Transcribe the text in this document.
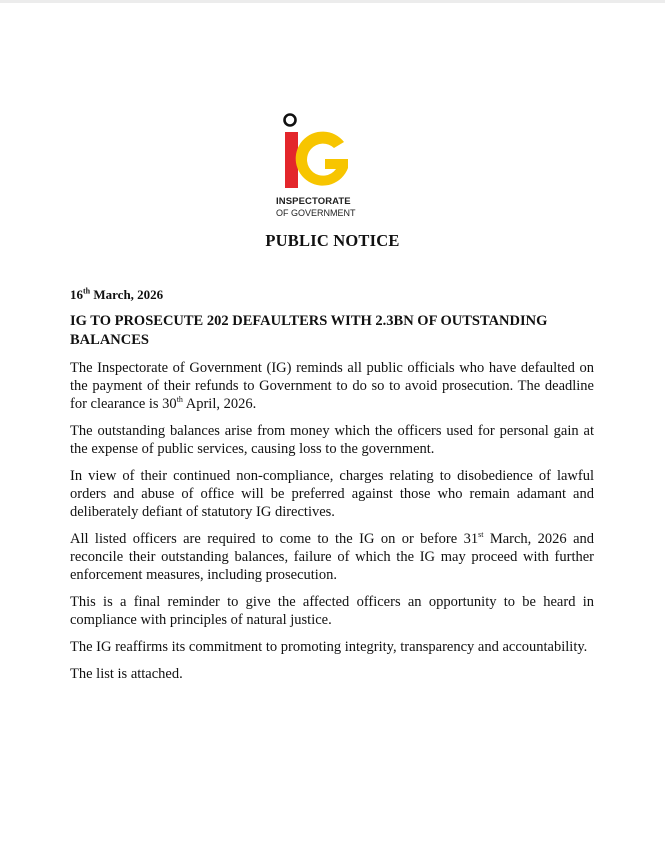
INSPECTORATE
OF GOVERNMENT
PUBLIC NOTICE

16th March, 2026

IG TO PROSECUTE 202 DEFAULTERS WITH 2.3BN OF OUTSTANDING BALANCES

The Inspectorate of Government (IG) reminds all public officials who have defaulted on the payment of their refunds to Government to do so to avoid prosecution. The deadline for clearance is 30th April, 2026.

The outstanding balances arise from money which the officers used for personal gain at the expense of public services, causing loss to the government.

In view of their continued non-compliance, charges relating to disobedience of lawful orders and abuse of office will be preferred against those who remain adamant and deliberately defiant of statutory IG directives.

All listed officers are required to come to the IG on or before 31st March, 2026 and reconcile their outstanding balances, failure of which the IG may proceed with further enforcement measures, including prosecution.

This is a final reminder to give the affected officers an opportunity to be heard in compliance with principles of natural justice.

The IG reaffirms its commitment to promoting integrity, transparency and accountability.

The list is attached.
